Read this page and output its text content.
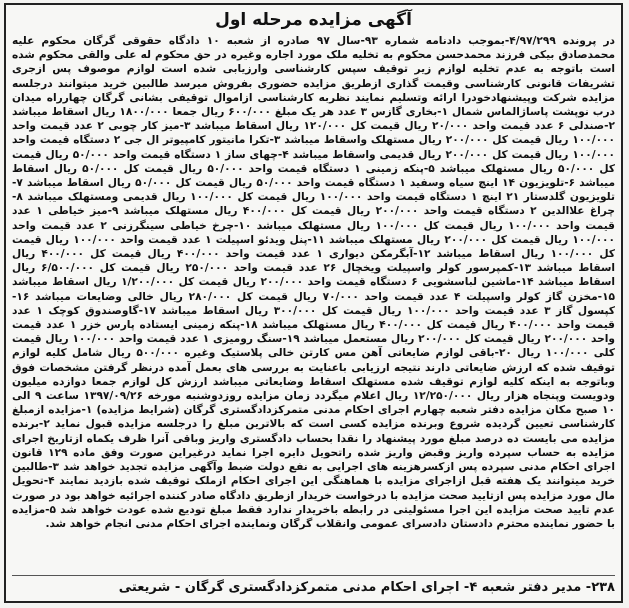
آگهی مزایده مرحله اول
در پرونده ۴/۹۷/۲۹۹-بموجب دادنامه شماره ۹۳-سال ۹۷ صادره از شعبه ۱۰ دادگاه حقوقی گرگان محکوم علیه محمدصادق بیکی فرزند محمدحسن محکوم به تخلیه ملک مورد اجاره وغیره در حق محکوم له علی والقی محکوم شده است باتوجه به عدم تخلیه لوازم زیر توقیف سپس کارشناسی وارزیابی شده است لوازم موصوف پس ازجری تشریفات قانونی کارشناسی وقیمت گذاری ازطریق مزایده حضوری بفروش میرسد طالبین خرید میتوانند درجلسه مزایده شرکت وپیشنهادخودرا ارائه وتسلیم نمایند نظربه کارشناسی ازاموال توقیفی بشانی گرگان چهارراه میدان درب نوپشت پاساژالماس شمال ۱-بخاری گازس ۳ عدد هر یک مبلغ ۶۰۰/۰۰۰ ریال جمعا ۱۸۰۰/۰۰۰ ریال اسقاط میباشد ۲-صندلی ۶ عدد قیمت واحد ۲۰/۰۰۰ ریال قیمت کل ۱۲۰/۰۰۰ ریال اسقاط میباشد ۳-میز کار چوبی ۲ عدد قیمت واحد ۱۰۰/۰۰۰ ریال قیمت کل ۲۰۰/۰۰۰ ریال مستهلک واسقاط میباشد ۳-تکرا مانیتور کامپیوتر ال جی ۲ دستگاه قیمت واحد ۱۰۰/۰۰۰ ریال قیمت کل ۲۰۰/۰۰۰ ریال قدیمی واسقاط میباشد ۴-چهای ساز ۱ دستگاه قیمت واحد ۵۰/۰۰۰ ریال قیمت کل ۵۰/۰۰۰ ریال مستهلک میباشد ۵-پنکه زمینی ۱ دستگاه قیمت واحد ۵۰/۰۰۰ ریال قیمت کل ۵۰/۰۰۰ ریال اسقاط میباشد ۶-تلویزیون ۱۴ اینچ سیاه وسفید ۱ دستگاه قیمت واحد ۵۰/۰۰۰ ریال قیمت کل ۵۰/۰۰۰ ریال اسقاط میباشد ۷-تلویزیون گلدستار ۲۱ اینچ ۱ دستگاه قیمت واحد ۱۰۰/۰۰۰ ریال قیمت کل ۱۰۰/۰۰۰ ریال قدیمی ومستهلک میباشد ۸-چراغ علاالدین ۲ دستگاه قیمت واحد ۲۰۰/۰۰۰ ریال قیمت کل ۴۰۰/۰۰۰ ریال مستهلک میباشد ۹-میز خیاطی ۱ عدد قیمت واحد ۱۰۰/۰۰۰ ریال قیمت کل ۱۰۰/۰۰۰ ریال مستهلک میباشد ۱۰-چرخ خیاطی سینگرزنی ۲ عدد قیمت واحد ۱۰۰/۰۰۰ ریال قیمت کل ۲۰۰/۰۰۰ ریال مستهلک میباشد ۱۱-پنل ویدئو اسپیلت ۱ عدد قیمت واحد ۱۰۰/۰۰۰ ریال قیمت کل ۱۰۰/۰۰۰ ریال اسقاط میباشد ۱۲-آبگرمکن دیواری ۱ عدد قیمت واحد ۴۰۰/۰۰۰ ریال قیمت کل ۴۰۰/۰۰۰ ریال اسقاط میباشد ۱۳-کمپرسور کولر واسپیلت ویخچال ۲۶ عدد قیمت واحد ۲۵۰/۰۰۰ ریال قیمت کل ۶/۵۰۰/۰۰۰ ریال اسقاط میباشد ۱۴-ماشین لباسشویی ۶ دستگاه قیمت واحد ۲۰۰/۰۰۰ ریال قیمت کل ۱/۲۰۰/۰۰۰ ریال اسقاط میباشد ۱۵-مخزن گاز کولر واسپیلت ۴ عدد قیمت واحد ۷۰/۰۰۰ ریال قیمت کل ۲۸۰/۰۰۰ ریال خالی وضایعات میباشد ۱۶-کپسول گاز ۳ عدد قیمت واحد ۱۰۰/۰۰۰ ریال قیمت کل ۳۰۰/۰۰۰ ریال اسقاط میباشد ۱۷-گاوصندوق کوچک ۱ عدد قیمت واحد ۴۰۰/۰۰۰ ریال قیمت کل ۴۰۰/۰۰۰ ریال مستهلک میباشد ۱۸-پنکه زمینی ایستاده پارس خزر ۱ عدد قیمت واحد ۲۰۰/۰۰۰ ریال قیمت کل ۲۰۰/۰۰۰ ریال مستعمل میباشد ۱۹-سنگ رومیزی ۱ عدد قیمت واحد ۱۰۰/۰۰۰ ریال قیمت کلی ۱۰۰/۰۰۰ ریال ۲۰-باقی لوازم ضایعاتی آهن مس کارتن خالی پلاستیک وغیره ۵۰۰/۰۰۰ ریال شامل کلیه لوازم توقیف شده که ارزش ضایعاتی دارند نتیجه ارزیابی باعنایت به بررسی های بعمل آمده درنظر گرفتن مشخصات فوق وباتوجه به اینکه کلیه لوازم توقیف شده مستهلک اسقاط وضایعاتی میباشد ارزش کل لوازم جمعا دوازده میلیون ودویست وپنجاه هزار ریال ۱۲/۲۵۰/۰۰۰ ریال اعلام میگردد زمان مزایده روزدوشنبه مورخه ۱۳۹۷/۰۹/۲۶ ساعت ۹ الی ۱۰ صبح مکان مزایده دفتر شعبه چهارم اجرای احکام مدنی متمرکزدادگستری گرگان (شرایط مزایده) ۱-مزایده ازمبلغ کارشناسی تعیین گردیده شروع وبرنده مزایده کسی است که بالاترین مبلغ را درجلسه مزایده قبول نماید ۲-برنده مزایده می بایست ده درصد مبلغ مورد پیشنهاد را نقدا بحساب دادگستری واریز وباقی آنرا ظرف یکماه ازتاریخ اجرای مزایده به حساب سپرده واریز وقبض واریز شده راتحویل دایره اجرا نماید درغیراین صورت وفق ماده ۱۲۹ قانون اجرای احکام مدنی سپرده پس ازکسرهزینه های اجرایی به نفع دولت ضبط وآگهی مزایده تجدید خواهد شد ۳-طالبین خرید میتوانند یک هفته قبل ازاجرای مزایده با هماهنگی این اجرای احکام ازملک توقیف شده بازدید نمایند ۴-تحویل مال مورد مزایده پس ازتایید صحت مزایده با درخواست خریدار ازطریق دادگاه صادر کننده اجرائیه خواهد بود در صورت عدم تایید صحت مزایده این اجرا مسئولیتی در رابطه باخریدار ندارد فقط مبلغ تودیع شده عودت خواهد شد ۵-مزایده با حضور نماینده محترم دادستان دادسرای عمومی وانقلاب گرگان ونماینده اجرای احکام مدنی انجام خواهد شد.
۲۳۸- مدیر دفتر شعبه ۴- اجرای احکام مدنی متمرکزدادگستری گرگان - شریعتی
